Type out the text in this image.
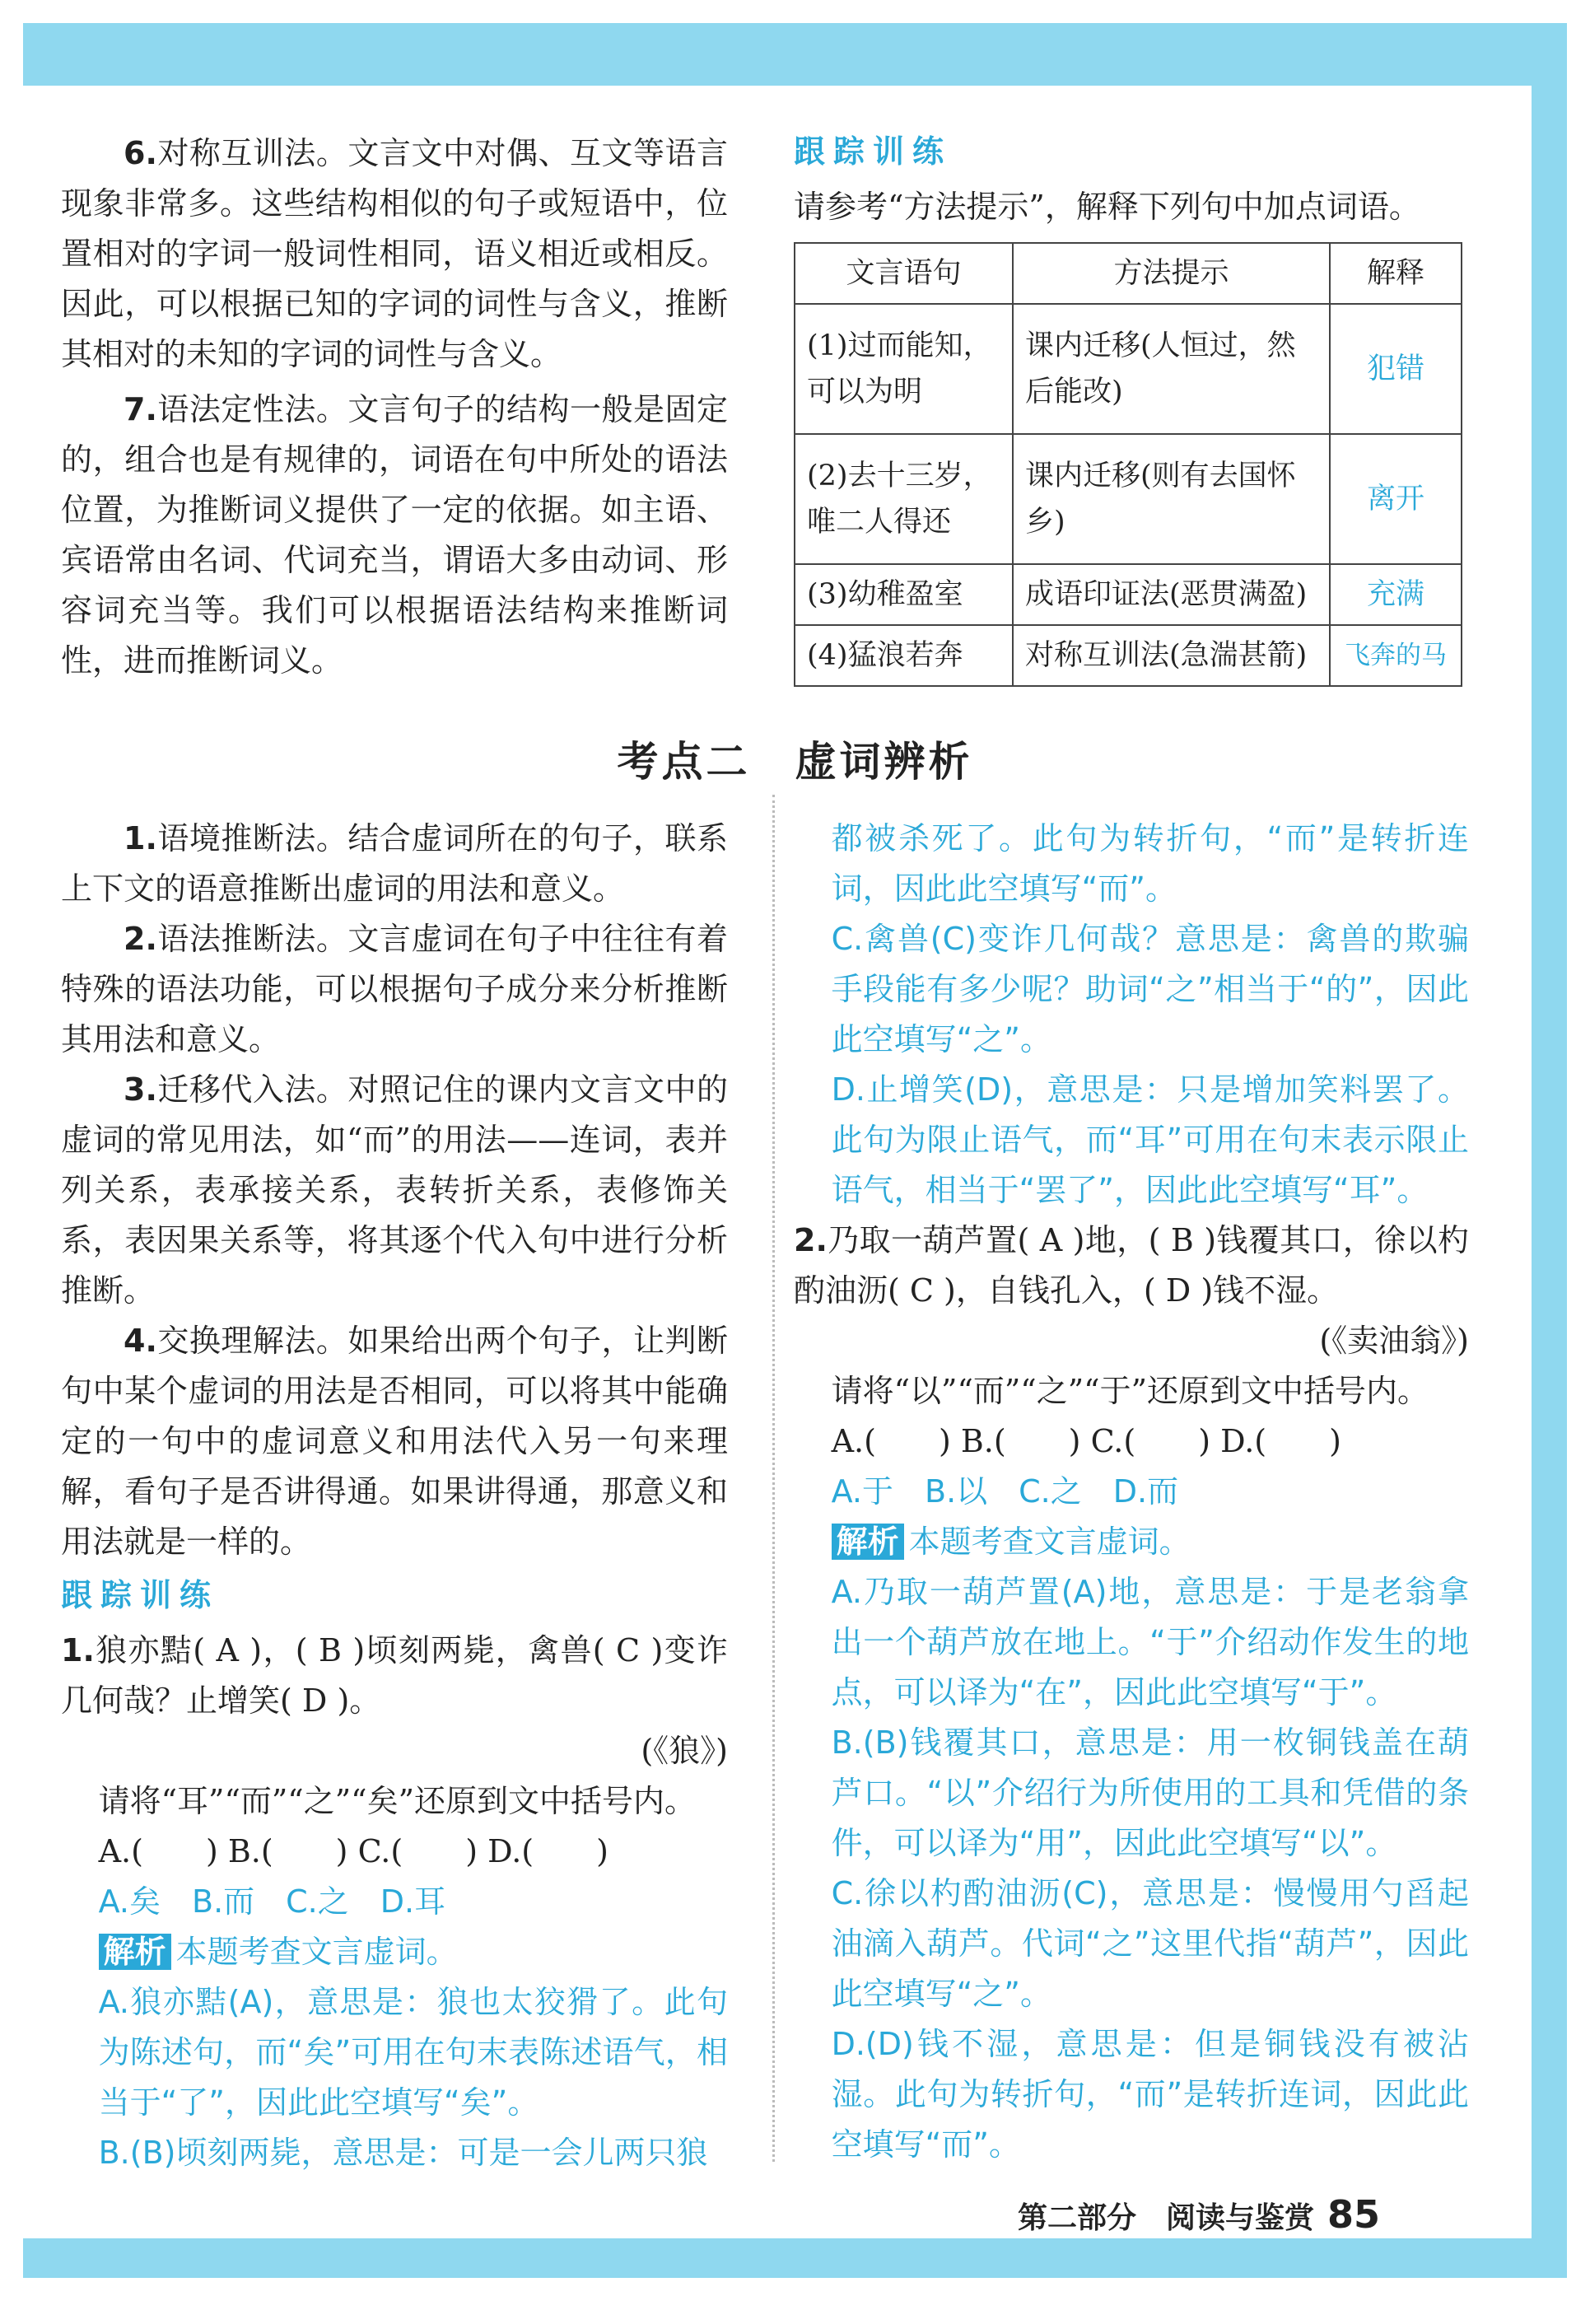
6.对称互训法。文言文中对偶、互文等语言现象非常多。这些结构相似的句子或短语中，位置相对的字词一般词性相同，语义相近或相反。因此，可以根据已知的字词的词性与含义，推断其相对的未知的字词的词性与含义。

7.语法定性法。文言句子的结构一般是固定的，组合也是有规律的，词语在句中所处的语法位置，为推断词义提供了一定的依据。如主语、宾语常由名词、代词充当，谓语大多由动词、形容词充当等。我们可以根据语法结构来推断词性，进而推断词义。

跟踪训练

请参考“方法提示”，解释下列句中加点词语。

文言语句	方法提示	解释
(1)过而能知，可以为明	课内迁移(人恒过，然后能改)	犯错
(2)去十三岁，唯二人得还	课内迁移(则有去国怀乡)	离开
(3)幼稚盈室	成语印证法(恶贯满盈)	充满
(4)猛浪若奔	对称互训法(急湍甚箭)	飞奔的马
考点二　虚词辨析

1.语境推断法。结合虚词所在的句子，联系上下文的语意推断出虚词的用法和意义。

2.语法推断法。文言虚词在句子中往往有着特殊的语法功能，可以根据句子成分来分析推断其用法和意义。

3.迁移代入法。对照记住的课内文言文中的虚词的常见用法，如“而”的用法——连词，表并列关系，表承接关系，表转折关系，表修饰关系，表因果关系等，将其逐个代入句中进行分析推断。

4.交换理解法。如果给出两个句子，让判断句中某个虚词的用法是否相同，可以将其中能确定的一句中的虚词意义和用法代入另一句来理解，看句子是否讲得通。如果讲得通，那意义和用法就是一样的。

跟踪训练

1.狼亦黠( A )，( B )顷刻两毙，禽兽( C )变诈几何哉？止增笑( D )。

(《狼》)

请将“耳”“而”“之”“矣”还原到文中括号内。

A.(　　) B.(　　) C.(　　) D.(　　)

A.矣　B.而　C.之　D.耳

解析 本题考查文言虚词。

A.狼亦黠(A)，意思是：狼也太狡猾了。此句为陈述句，而“矣”可用在句末表陈述语气，相当于“了”，因此此空填写“矣”。

B.(B)顷刻两毙，意思是：可是一会儿两只狼

都被杀死了。此句为转折句，“而”是转折连词，因此此空填写“而”。

C.禽兽(C)变诈几何哉？意思是：禽兽的欺骗手段能有多少呢？助词“之”相当于“的”，因此此空填写“之”。

D.止增笑(D)，意思是：只是增加笑料罢了。此句为限止语气，而“耳”可用在句末表示限止语气，相当于“罢了”，因此此空填写“耳”。

2.乃取一葫芦置( A )地，( B )钱覆其口，徐以杓酌油沥( C )，自钱孔入，( D )钱不湿。

(《卖油翁》)

请将“以”“而”“之”“于”还原到文中括号内。

A.(　　) B.(　　) C.(　　) D.(　　)

A.于　B.以　C.之　D.而

解析 本题考查文言虚词。

A.乃取一葫芦置(A)地，意思是：于是老翁拿出一个葫芦放在地上。“于”介绍动作发生的地点，可以译为“在”，因此此空填写“于”。

B.(B)钱覆其口，意思是：用一枚铜钱盖在葫芦口。“以”介绍行为所使用的工具和凭借的条件，可以译为“用”，因此此空填写“以”。

C.徐以杓酌油沥(C)，意思是：慢慢用勺舀起油滴入葫芦。代词“之”这里代指“葫芦”，因此此空填写“之”。

D.(D)钱不湿，意思是：但是铜钱没有被沾湿。此句为转折句，“而”是转折连词，因此此空填写“而”。

第二部分　阅读与鉴赏 85
